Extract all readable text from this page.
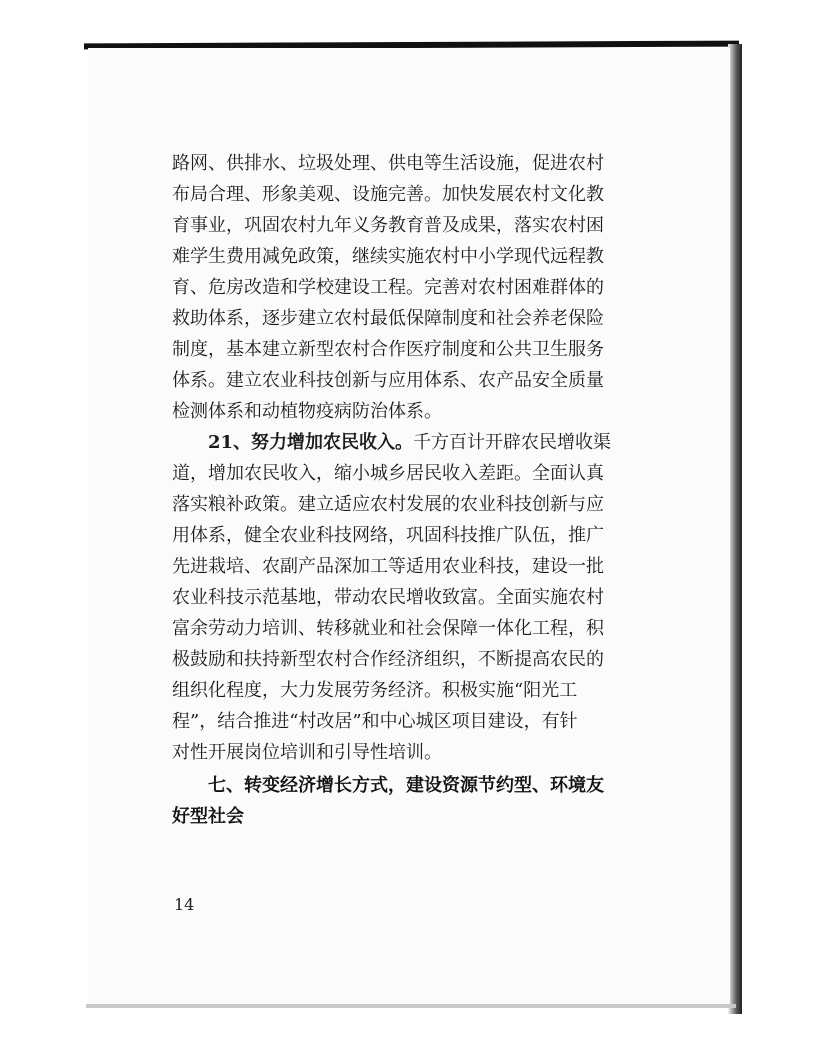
路网、供排水、垃圾处理、供电等生活设施，促进农村
布局合理、形象美观、设施完善。加快发展农村文化教
育事业，巩固农村九年义务教育普及成果，落实农村困
难学生费用减免政策，继续实施农村中小学现代远程教
育、危房改造和学校建设工程。完善对农村困难群体的
救助体系，逐步建立农村最低保障制度和社会养老保险
制度，基本建立新型农村合作医疗制度和公共卫生服务
体系。建立农业科技创新与应用体系、农产品安全质量
检测体系和动植物疫病防治体系。

21、努力增加农民收入。千方百计开辟农民增收渠
道，增加农民收入，缩小城乡居民收入差距。全面认真
落实粮补政策。建立适应农村发展的农业科技创新与应
用体系，健全农业科技网络，巩固科技推广队伍，推广
先进栽培、农副产品深加工等适用农业科技，建设一批
农业科技示范基地，带动农民增收致富。全面实施农村
富余劳动力培训、转移就业和社会保障一体化工程，积
极鼓励和扶持新型农村合作经济组织，不断提高农民的
组织化程度，大力发展劳务经济。积极实施“阳光工
程”，结合推进“村改居”和中心城区项目建设，有针
对性开展岗位培训和引导性培训。

七、转变经济增长方式，建设资源节约型、环境友
好型社会

14
